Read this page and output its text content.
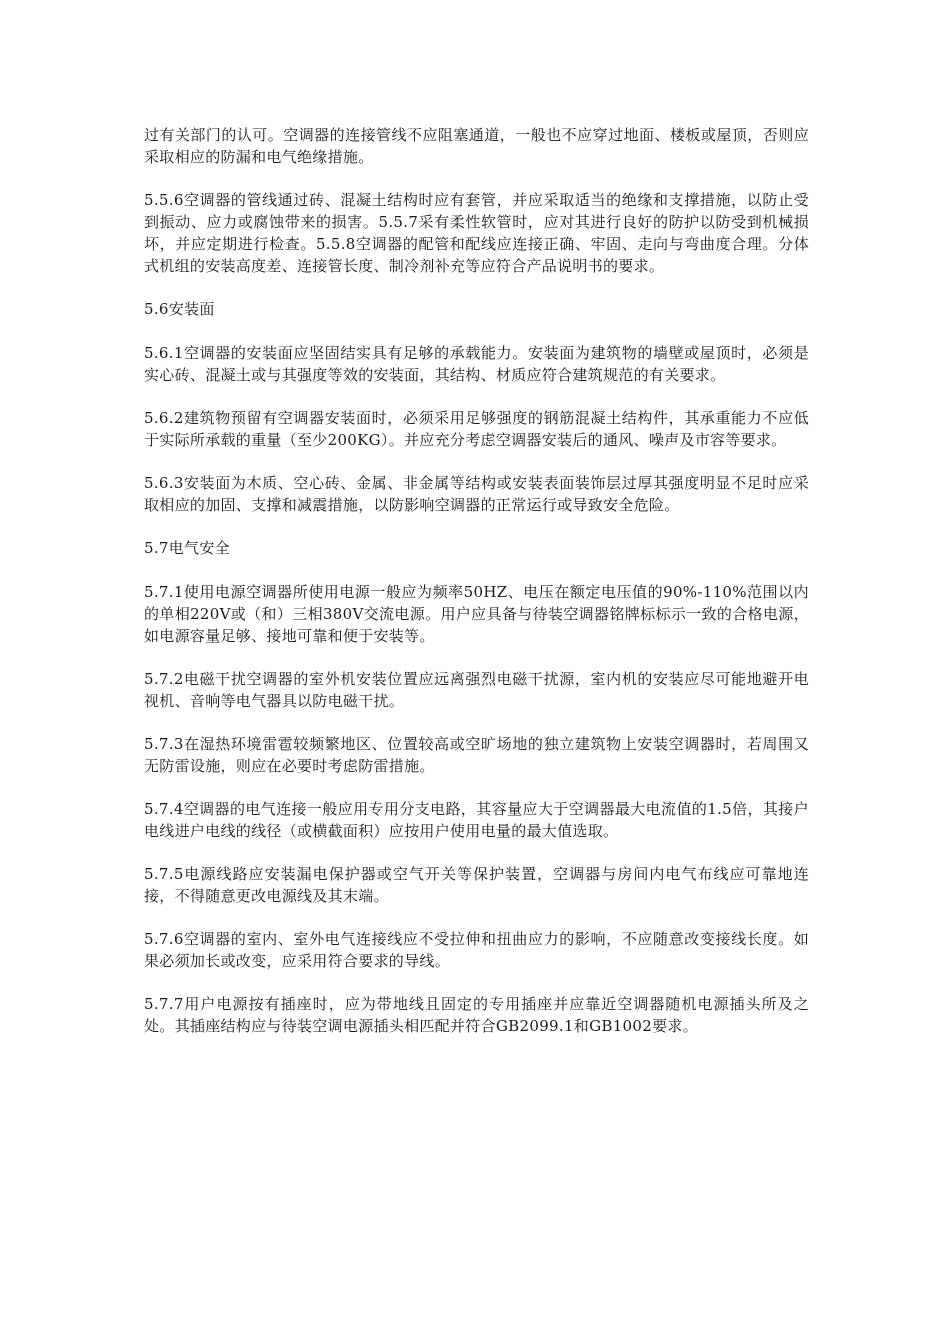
过有关部门的认可。空调器的连接管线不应阻塞通道，一般也不应穿过地面、楼板或屋顶，否则应采取相应的防漏和电气绝缘措施。

5.5.6空调器的管线通过砖、混凝土结构时应有套管，并应采取适当的绝缘和支撑措施，以防止受到振动、应力或腐蚀带来的损害。5.5.7采有柔性软管时，应对其进行良好的防护以防受到机械损坏，并应定期进行检查。5.5.8空调器的配管和配线应连接正确、牢固、走向与弯曲度合理。分体式机组的安装高度差、连接管长度、制冷剂补充等应符合产品说明书的要求。

5.6安装面

5.6.1空调器的安装面应坚固结实具有足够的承载能力。安装面为建筑物的墙壁或屋顶时，必须是实心砖、混凝土或与其强度等效的安装面，其结构、材质应符合建筑规范的有关要求。

5.6.2建筑物预留有空调器安装面时，必须采用足够强度的钢筋混凝土结构件，其承重能力不应低于实际所承载的重量（至少200KG）。并应充分考虑空调器安装后的通风、噪声及市容等要求。

5.6.3安装面为木质、空心砖、金属、非金属等结构或安装表面装饰层过厚其强度明显不足时应采取相应的加固、支撑和减震措施，以防影响空调器的正常运行或导致安全危险。

5.7电气安全

5.7.1使用电源空调器所使用电源一般应为频率50HZ、电压在额定电压值的90%-110%范围以内的单相220V或（和）三相380V交流电源。用户应具备与待装空调器铭牌标标示一致的合格电源，如电源容量足够、接地可靠和便于安装等。

5.7.2电磁干扰空调器的室外机安装位置应远离强烈电磁干扰源，室内机的安装应尽可能地避开电视机、音响等电气器具以防电磁干扰。

5.7.3在湿热环境雷雹较频繁地区、位置较高或空旷场地的独立建筑物上安装空调器时，若周围又无防雷设施，则应在必要时考虑防雷措施。

5.7.4空调器的电气连接一般应用专用分支电路，其容量应大于空调器最大电流值的1.5倍，其接户电线进户电线的线径（或横截面积）应按用户使用电量的最大值选取。

5.7.5电源线路应安装漏电保护器或空气开关等保护装置，空调器与房间内电气布线应可靠地连接，不得随意更改电源线及其末端。

5.7.6空调器的室内、室外电气连接线应不受拉伸和扭曲应力的影响，不应随意改变接线长度。如果必须加长或改变，应采用符合要求的导线。

5.7.7用户电源按有插座时，应为带地线且固定的专用插座并应靠近空调器随机电源插头所及之处。其插座结构应与待装空调电源插头相匹配并符合GB2099.1和GB1002要求。
